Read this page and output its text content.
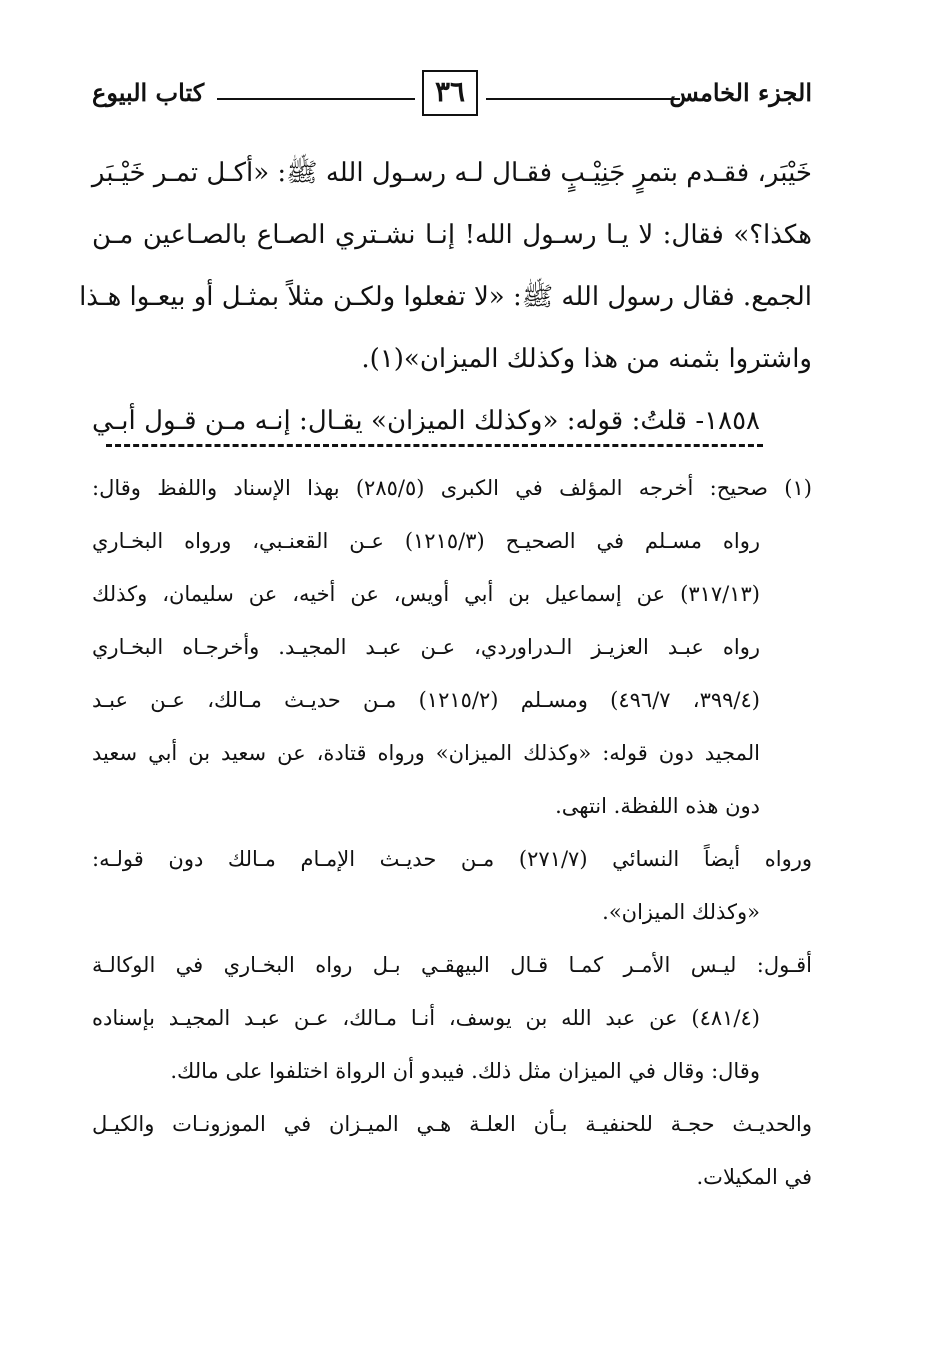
الجزء الخامس
٣٦
كتاب البيوع
خَيْبَر، فقـدم بتمرٍ جَنِيْـبٍ فقـال لـه رسـول الله ﷺ: «أكـل تمـر خَيْـبَر
هكذا؟» فقال: لا يـا رسـول الله! إنـا نشـتري الصـاع بالصـاعين مـن
الجمع. فقال رسول الله ﷺ: «لا تفعلوا ولكـن مثلاً بمثـل أو بيعـوا هـذا
واشتروا بثمنه من هذا وكذلك الميزان»(١).
١٨٥٨- قلتُ: قوله: «وكذلك الميزان» يقـال: إنـه مـن قـول أبـي
(١) صحيح: أخرجه المؤلف في الكبرى (٢٨٥/٥) بهذا الإسناد واللفظ وقال:
رواه مسـلم في الصحيـح (١٢١٥/٣) عـن القعنـبي، ورواه البخـاري
(٣١٧/١٣) عن إسماعيل بن أبي أويس، عن أخيه، عن سليمان، وكذلك
رواه عبـد العزيـز الـدراوردي، عـن عبـد المجيـد. وأخرجـاه البخـاري
(٣٩٩/٤، ٤٩٦/٧) ومسـلم (١٢١٥/٢) مـن حديـث مـالك، عـن عبـد
المجيد دون قوله: «وكذلك الميزان» ورواه قتادة، عن سعيد بن أبي سعيد
دون هذه اللفظة. انتهى.
ورواه أيضاً النسائي (٢٧١/٧) مـن حديـث الإمـام مـالك دون قولـه:
«وكذلك الميزان».
أقـول: ليـس الأمـر كمـا قـال البيهقـي بـل رواه البخـاري في الوكالـة
(٤٨١/٤) عن عبد الله بن يوسف، أنـا مـالك، عـن عبـد المجيـد بإسناده
وقال: وقال في الميزان مثل ذلك. فيبدو أن الرواة اختلفوا على مالك.
والحديـث حجـة للحنفيـة بـأن العلـة هـي الميـزان في الموزونـات والكيـل
في المكيلات.
